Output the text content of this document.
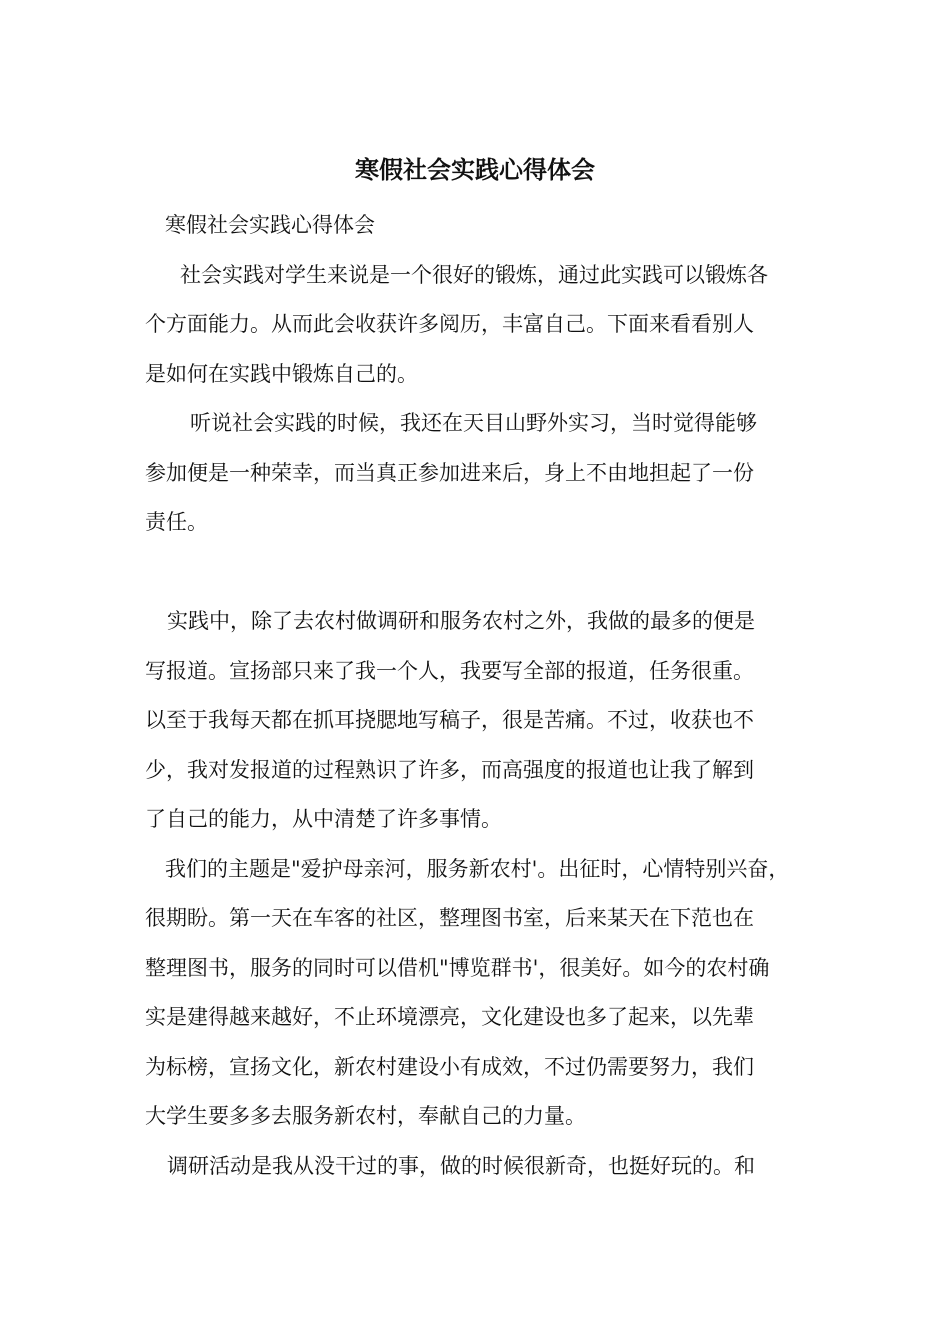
寒假社会实践心得体会
寒假社会实践心得体会
社会实践对学生来说是一个很好的锻炼，通过此实践可以锻炼各
个方面能力。从而此会收获许多阅历，丰富自己。下面来看看别人
是如何在实践中锻炼自己的。
听说社会实践的时候，我还在天目山野外实习，当时觉得能够
参加便是一种荣幸，而当真正参加进来后，身上不由地担起了一份
责任。
实践中，除了去农村做调研和服务农村之外，我做的最多的便是
写报道。宣扬部只来了我一个人，我要写全部的报道，任务很重。
以至于我每天都在抓耳挠腮地写稿子，很是苦痛。不过，收获也不
少，我对发报道的过程熟识了许多，而高强度的报道也让我了解到
了自己的能力，从中清楚了许多事情。
我们的主题是"爱护母亲河，服务新农村'。出征时，心情特别兴奋，
很期盼。第一天在车客的社区，整理图书室，后来某天在下范也在
整理图书，服务的同时可以借机"博览群书'，很美好。如今的农村确
实是建得越来越好，不止环境漂亮，文化建设也多了起来，以先辈
为标榜，宣扬文化，新农村建设小有成效，不过仍需要努力，我们
大学生要多多去服务新农村，奉献自己的力量。
调研活动是我从没干过的事，做的时候很新奇，也挺好玩的。和
